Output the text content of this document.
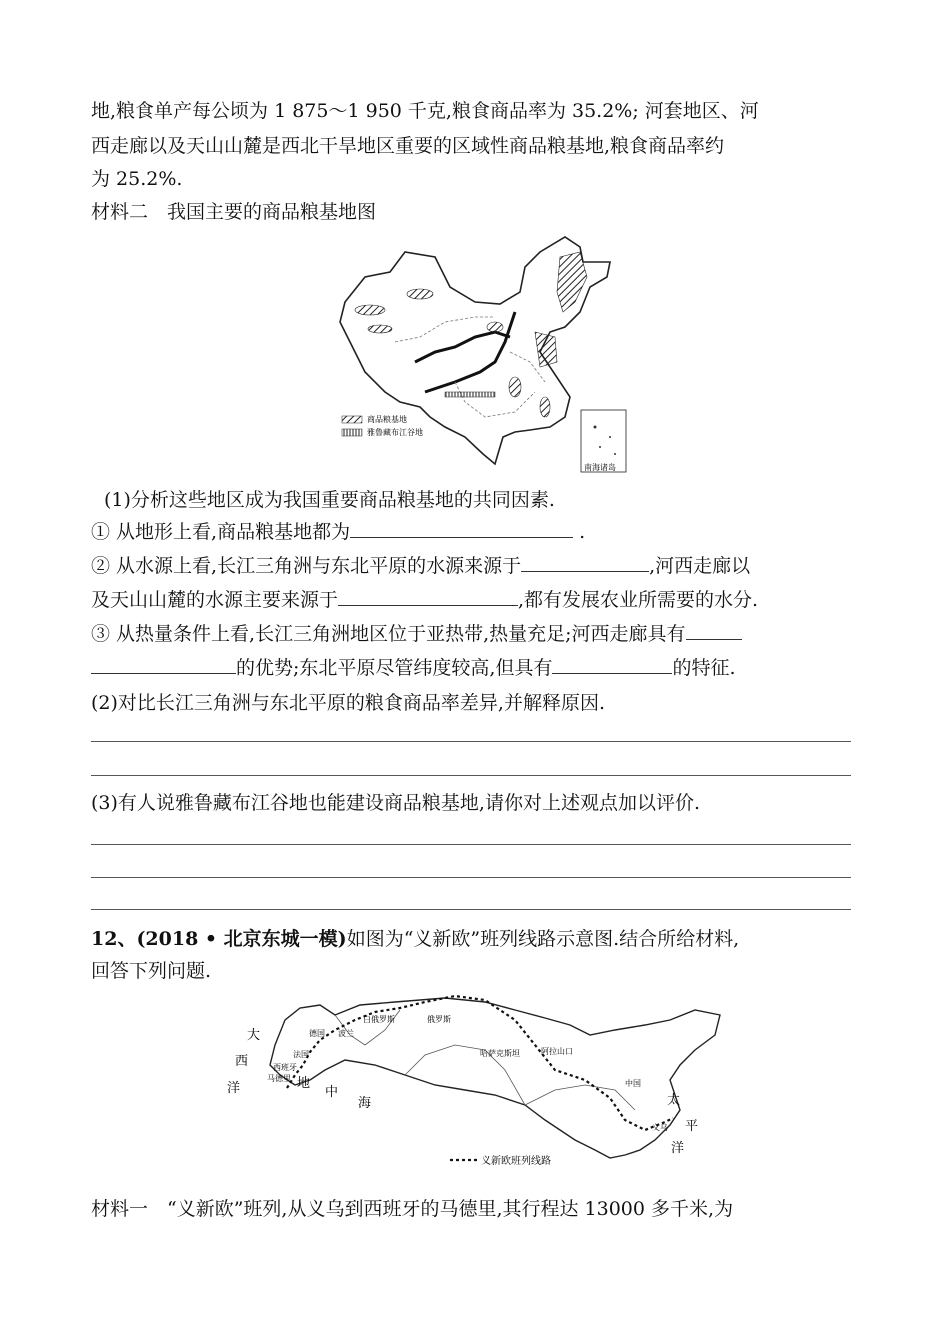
地,粮食单产每公顷为 1 875～1 950 千克,粮食商品率为 35.2%; 河套地区、河
西走廊以及天山山麓是西北干旱地区重要的区域性商品粮基地,粮食商品率约
为 25.2%.
材料二　我国主要的商品粮基地图
商品粮基地
雅鲁藏布江谷地
南海诸岛
(1)分析这些地区成为我国重要商品粮基地的共同因素.
① 从地形上看,商品粮基地都为	.
② 从水源上看,长江三角洲与东北平原的水源来源于	,河西走廊以
及天山山麓的水源主要来源于	,都有发展农业所需要的水分.
③ 从热量条件上看,长江三角洲地区位于亚热带,热量充足;河西走廊具有
的优势;东北平原尽管纬度较高,但具有	的特征.
(2)对比长江三角洲与东北平原的粮食商品率差异,并解释原因.
(3)有人说雅鲁藏布江谷地也能建设商品粮基地,请你对上述观点加以评价.
12、(2018 • 北京东城一模)如图为“义新欧”班列线路示意图.结合所给材料,
回答下列问题.
大
西
洋	地
中
海	太
平
洋
德国 波兰
白俄罗斯	俄罗斯
法国
西班牙
马德里
哈萨克斯坦	阿拉山口
中国
义乌
义新欧班列线路
材料一　“义新欧”班列,从义乌到西班牙的马德里,其行程达 13000 多千米,为
